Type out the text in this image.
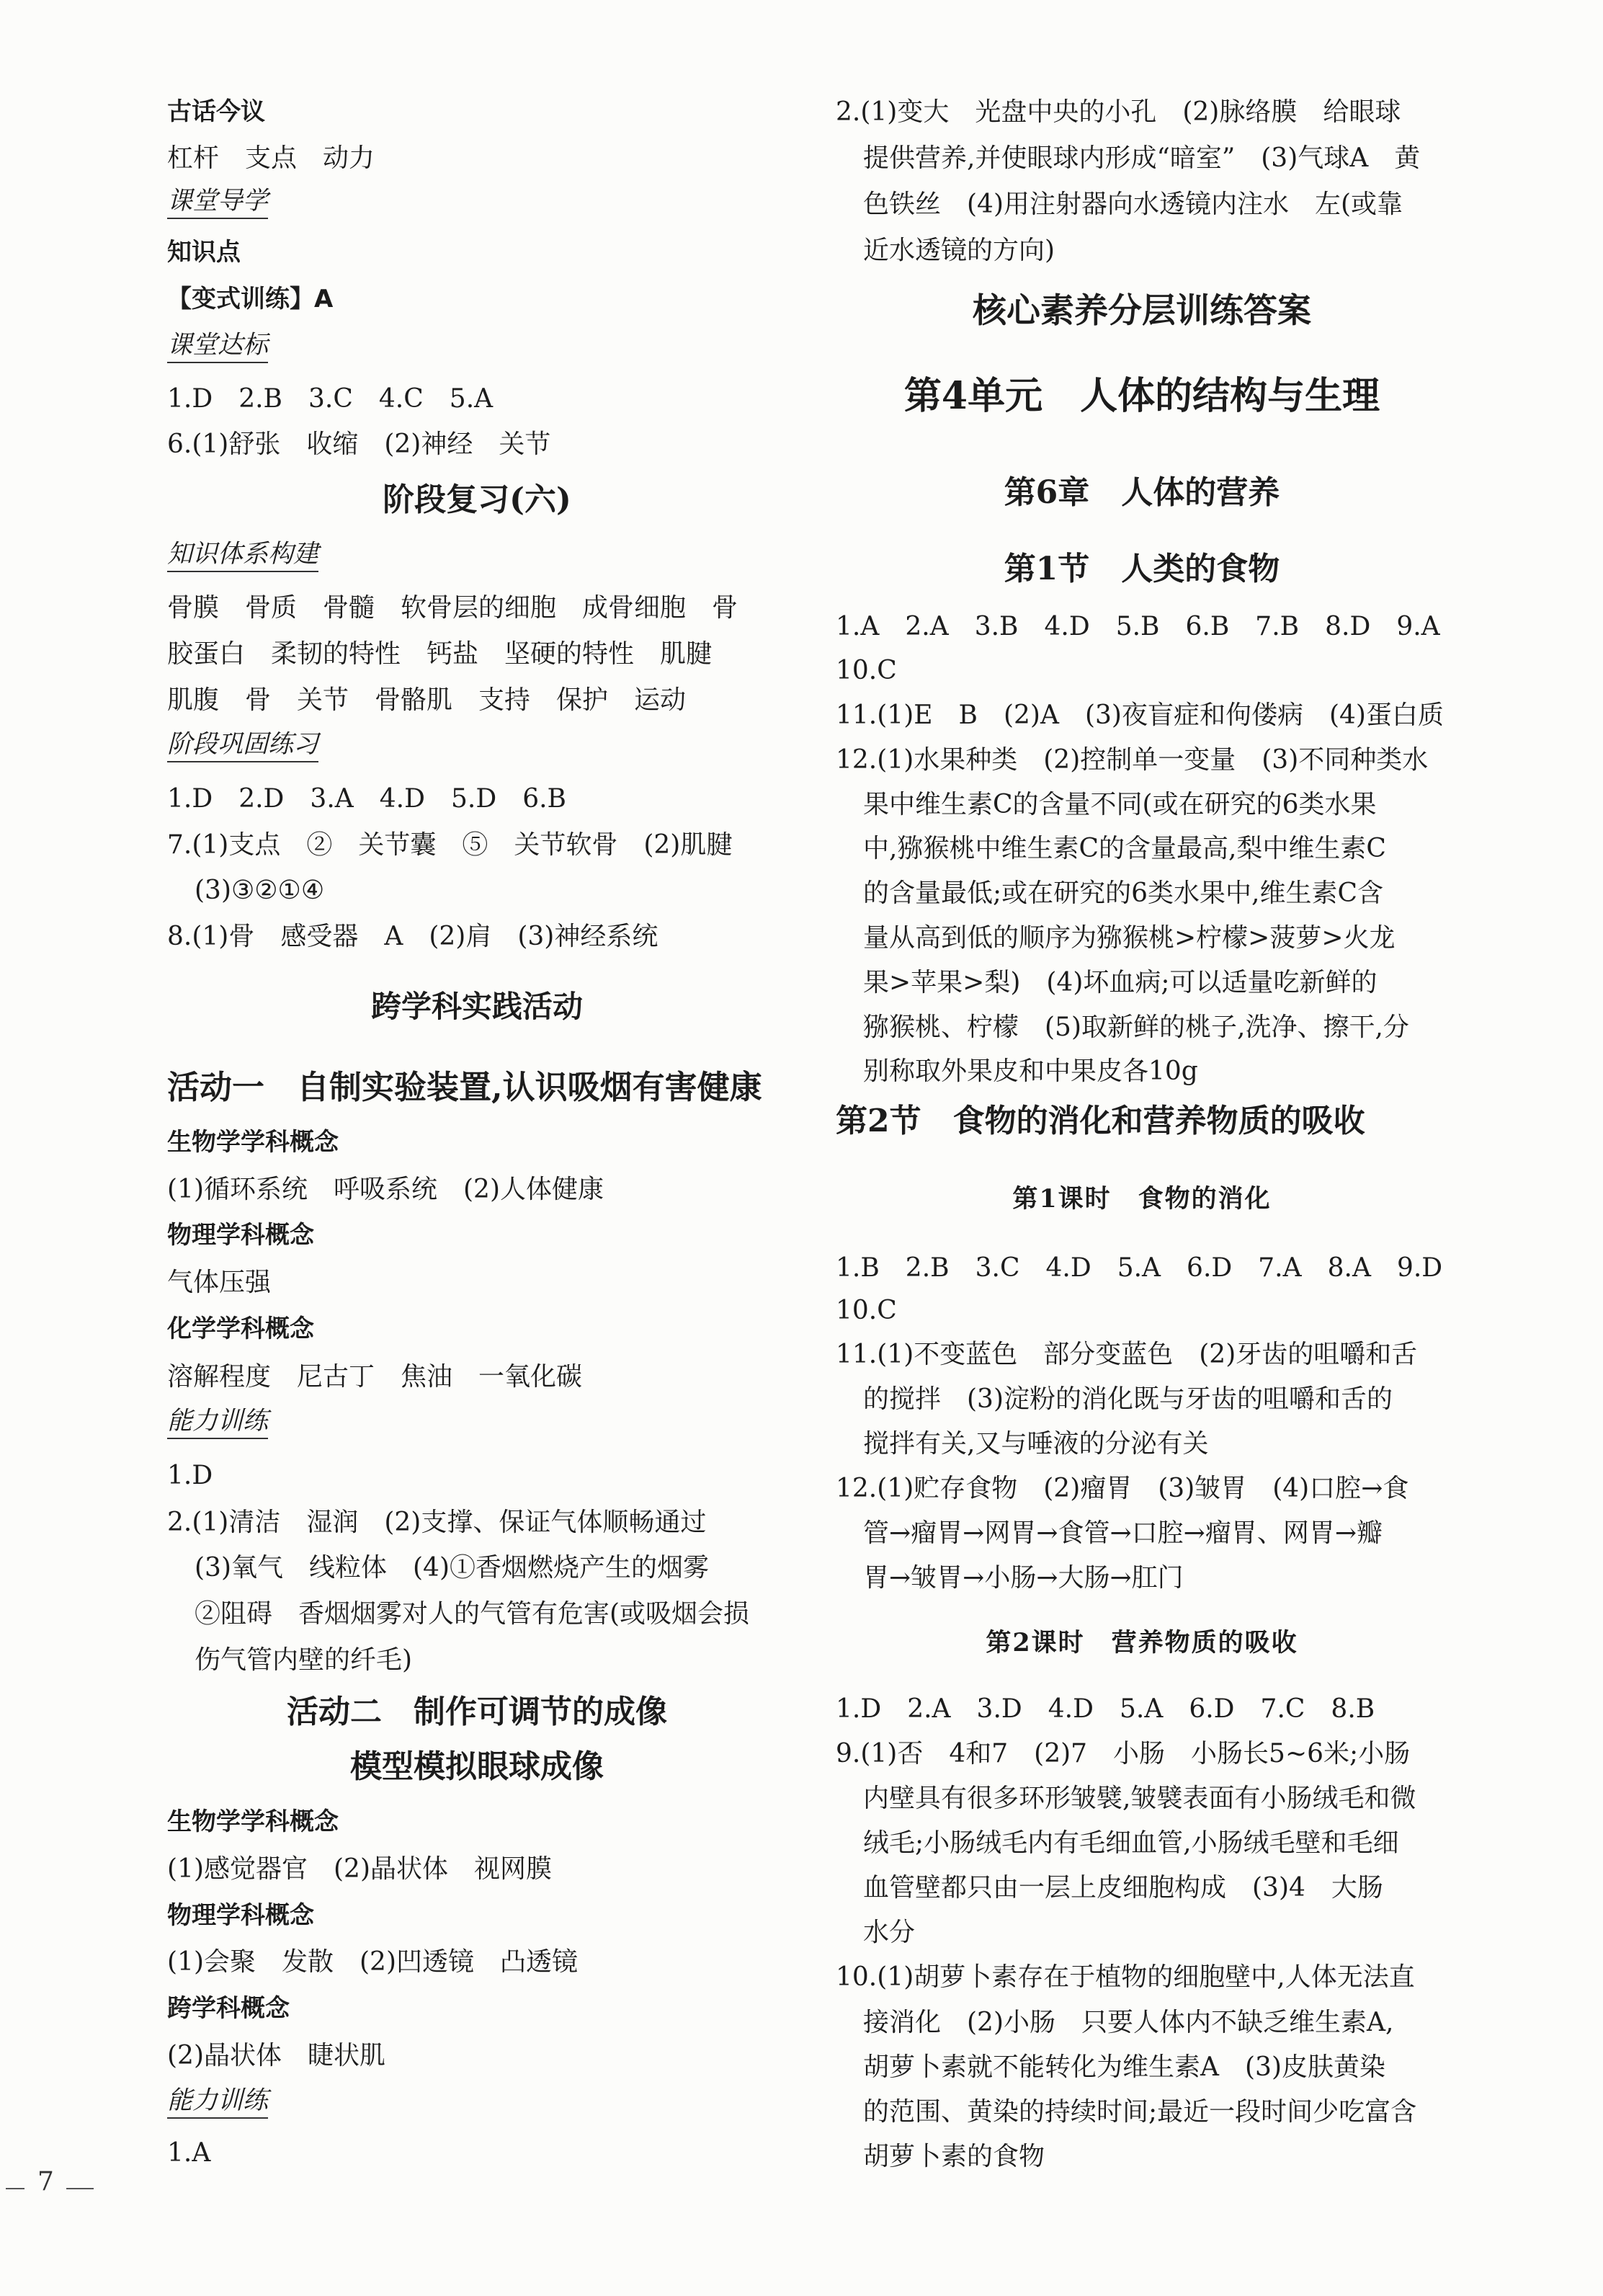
古话今议
杠杆　支点　动力
课堂导学
知识点
【变式训练】A
课堂达标
1.D　2.B　3.C　4.C　5.A
6.(1)舒张　收缩　(2)神经　关节
阶段复习(六)
知识体系构建
骨膜　骨质　骨髓　软骨层的细胞　成骨细胞　骨
胶蛋白　柔韧的特性　钙盐　坚硬的特性　肌腱
肌腹　骨　关节　骨骼肌　支持　保护　运动
阶段巩固练习
1.D　2.D　3.A　4.D　5.D　6.B
7.(1)支点　②　关节囊　⑤　关节软骨　(2)肌腱
(3)③②①④
8.(1)骨　感受器　A　(2)肩　(3)神经系统
跨学科实践活动
活动一　自制实验装置,认识吸烟有害健康
生物学学科概念
(1)循环系统　呼吸系统　(2)人体健康
物理学科概念
气体压强
化学学科概念
溶解程度　尼古丁　焦油　一氧化碳
能力训练
1.D
2.(1)清洁　湿润　(2)支撑、保证气体顺畅通过
(3)氧气　线粒体　(4)①香烟燃烧产生的烟雾
②阻碍　香烟烟雾对人的气管有危害(或吸烟会损
伤气管内壁的纤毛)
活动二　制作可调节的成像
模型模拟眼球成像
生物学学科概念
(1)感觉器官　(2)晶状体　视网膜
物理学科概念
(1)会聚　发散　(2)凹透镜　凸透镜
跨学科概念
(2)晶状体　睫状肌
能力训练
1.A
2.(1)变大　光盘中央的小孔　(2)脉络膜　给眼球
提供营养,并使眼球内形成“暗室”　(3)气球A　黄
色铁丝　(4)用注射器向水透镜内注水　左(或靠
近水透镜的方向)
核心素养分层训练答案
第4单元　人体的结构与生理
第6章　人体的营养
第1节　人类的食物
1.A　2.A　3.B　4.D　5.B　6.B　7.B　8.D　9.A
10.C
11.(1)E　B　(2)A　(3)夜盲症和佝偻病　(4)蛋白质
12.(1)水果种类　(2)控制单一变量　(3)不同种类水
果中维生素C的含量不同(或在研究的6类水果
中,猕猴桃中维生素C的含量最高,梨中维生素C
的含量最低;或在研究的6类水果中,维生素C含
量从高到低的顺序为猕猴桃>柠檬>菠萝>火龙
果>苹果>梨)　(4)坏血病;可以适量吃新鲜的
猕猴桃、柠檬　(5)取新鲜的桃子,洗净、擦干,分
别称取外果皮和中果皮各10g
第2节　食物的消化和营养物质的吸收
第1课时　食物的消化
1.B　2.B　3.C　4.D　5.A　6.D　7.A　8.A　9.D
10.C
11.(1)不变蓝色　部分变蓝色　(2)牙齿的咀嚼和舌
的搅拌　(3)淀粉的消化既与牙齿的咀嚼和舌的
搅拌有关,又与唾液的分泌有关
12.(1)贮存食物　(2)瘤胃　(3)皱胃　(4)口腔→食
管→瘤胃→网胃→食管→口腔→瘤胃、网胃→瓣
胃→皱胃→小肠→大肠→肛门
第2课时　营养物质的吸收
1.D　2.A　3.D　4.D　5.A　6.D　7.C　8.B
9.(1)否　4和7　(2)7　小肠　小肠长5~6米;小肠
内壁具有很多环形皱襞,皱襞表面有小肠绒毛和微
绒毛;小肠绒毛内有毛细血管,小肠绒毛壁和毛细
血管壁都只由一层上皮细胞构成　(3)4　大肠
水分
10.(1)胡萝卜素存在于植物的细胞壁中,人体无法直
接消化　(2)小肠　只要人体内不缺乏维生素A,
胡萝卜素就不能转化为维生素A　(3)皮肤黄染
的范围、黄染的持续时间;最近一段时间少吃富含
胡萝卜素的食物
7
